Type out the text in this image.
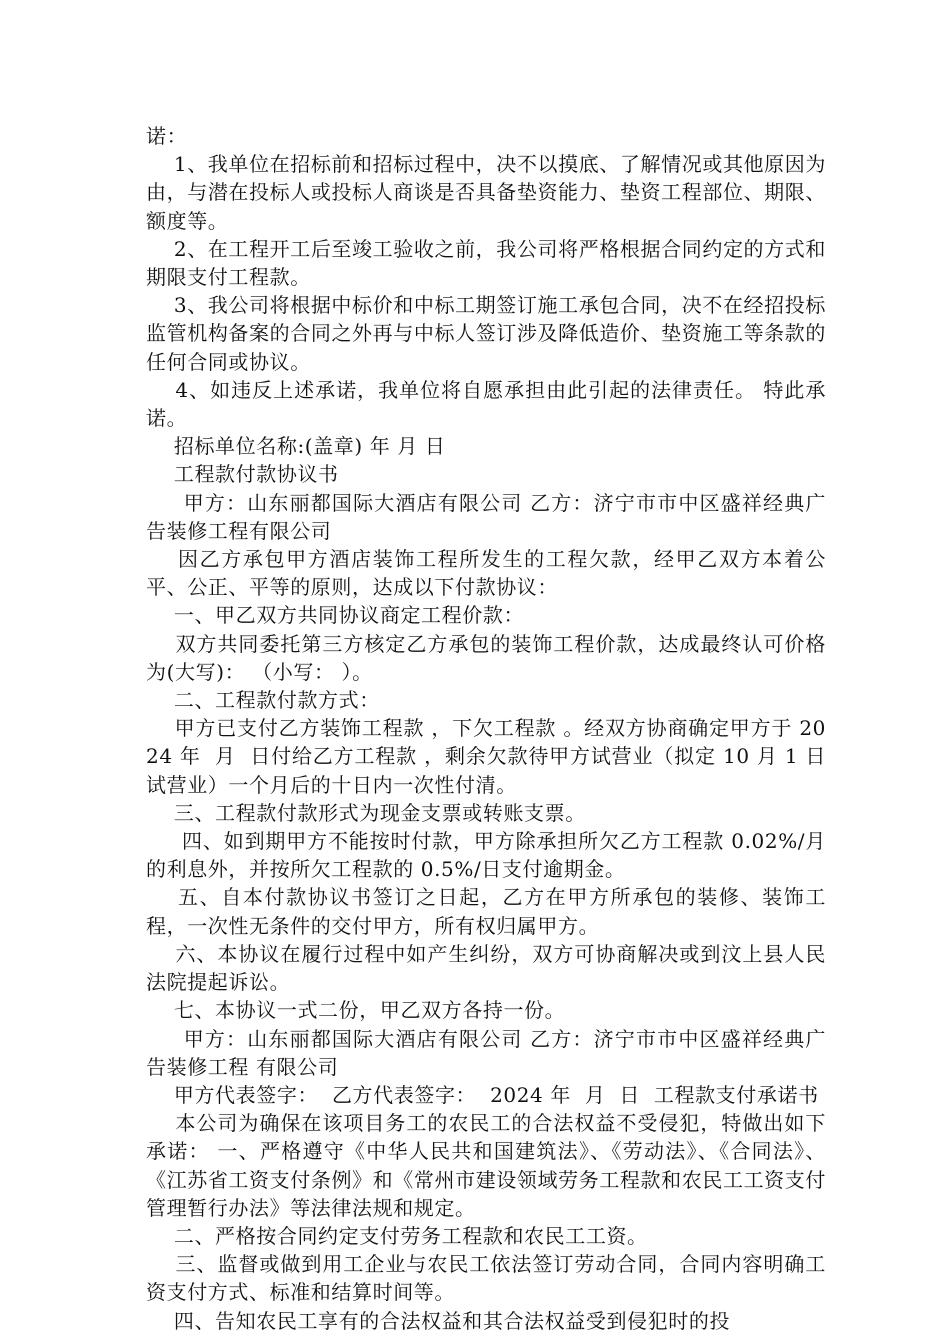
诺：

1、我单位在招标前和招标过程中，决不以摸底、了解情况或其他原因为由，与潜在投标人或投标人商谈是否具备垫资能力、垫资工程部位、期限、额度等。

2、在工程开工后至竣工验收之前，我公司将严格根据合同约定的方式和期限支付工程款。

3、我公司将根据中标价和中标工期签订施工承包合同，决不在经招投标监管机构备案的合同之外再与中标人签订涉及降低造价、垫资施工等条款的任何合同或协议。

4、如违反上述承诺，我单位将自愿承担由此引起的法律责任。 特此承诺。

招标单位名称:(盖章) 年 月 日

工程款付款协议书

甲方：山东丽都国际大酒店有限公司 乙方：济宁市市中区盛祥经典广告装修工程有限公司

因乙方承包甲方酒店装饰工程所发生的工程欠款，经甲乙双方本着公平、公正、平等的原则，达成以下付款协议：

一、甲乙双方共同协议商定工程价款：

双方共同委托第三方核定乙方承包的装饰工程价款，达成最终认可价格为(大写)： （小写： ）。

二、工程款付款方式：

甲方已支付乙方装饰工程款 ，下欠工程款 。经双方协商确定甲方于 2024 年  月  日付给乙方工程款 ，剩余欠款待甲方试营业（拟定 10 月 1 日试营业）一个月后的十日内一次性付清。

三、工程款付款形式为现金支票或转账支票。

四、如到期甲方不能按时付款，甲方除承担所欠乙方工程款 0.02%/月的利息外，并按所欠工程款的 0.5%/日支付逾期金。

五、自本付款协议书签订之日起，乙方在甲方所承包的装修、装饰工程，一次性无条件的交付甲方，所有权归属甲方。

六、本协议在履行过程中如产生纠纷，双方可协商解决或到汶上县人民法院提起诉讼。

七、本协议一式二份，甲乙双方各持一份。

甲方：山东丽都国际大酒店有限公司 乙方：济宁市市中区盛祥经典广告装修工程 有限公司

甲方代表签字：  乙方代表签字：  2024 年  月  日  工程款支付承诺书

本公司为确保在该项目务工的农民工的合法权益不受侵犯，特做出如下承诺： 一、严格遵守《中华人民共和国建筑法》、《劳动法》、《合同法》、《江苏省工资支付条例》和《常州市建设领域劳务工程款和农民工工资支付管理暂行办法》等法律法规和规定。

二、严格按合同约定支付劳务工程款和农民工工资。

三、监督或做到用工企业与农民工依法签订劳动合同，合同内容明确工资支付方式、标准和结算时间等。

四、告知农民工享有的合法权益和其合法权益受到侵犯时的投
